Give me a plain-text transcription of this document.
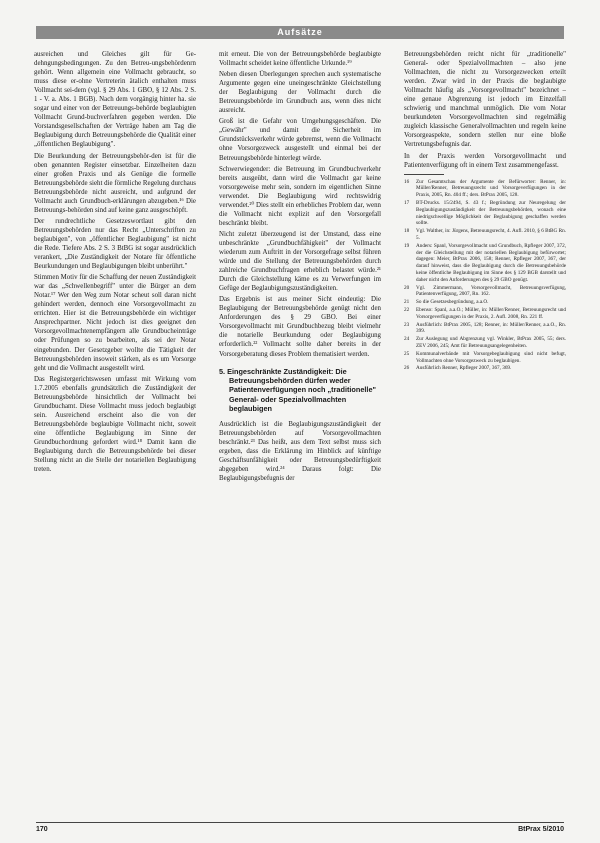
Aufsätze

ausreichen und Gleiches gilt für Ge-dehngungsbedingungen. Zu den Betreu-ungsbehördenrn gehört. Wenn allgemein eine Vollmacht gebraucht, so muss diese er-ohne Vertreterin ätalich enthalten muss Vollmacht sei-dem (vgl. § 29 Abs. 1 GBO, § 12 Abs. 2 S. 1 - V. a. Abs. 1 BGB). Nach dem vorgängig hinter ha. sie sogar und einer von der Betreuungs-behörde beglaubigten Vollmacht Grund-buchverfahren gegeben werden. Die Vorstandsgesellschaften der Verträge haben am Tag die Beglaubigung durch Betreuungsbehörde die Qualität einer „öffentlichen Beglaubigung".

Die Beurkundung der Betreuungsbehör-den ist für die oben genannten Register einsetzbar. Einzelheiten dazu einer großen Praxis und als Genüge die formelle Betreuungsbehörde sieht die förmliche Regelung durchaus Betreuungsbehörde nicht ausreicht, und aufgrund der Vollmacht auch Grundbuch-erklärungen abzugeben.¹⁶ Die Betreuungs-behörden sind auf keine ganz ausgeschöpft.

Der rundrechtliche Gesetzeswortlaut gibt den Betreuungsbehörden nur das Recht „Unterschriften zu beglaubigen", von „öffentlicher Beglaubigung" ist nicht die Rede. Tiefere Abs. 2 S. 3 BtBG ist sogar ausdrücklich verankert, „Die Zuständigkeit der Notare für öffentliche Beurkundungen und Beglaubigungen bleibt unberührt."

Stimmen Motiv für die Schaffung der neuen Zuständigkeit war das „Schwellenbegriff" unter die Bürger an dem Notar.¹⁷ Wer den Weg zum Notar scheut soll daran nicht gehindert werden, dennoch eine Vorsorgevollmacht zu errichten. Hier ist die Betreuungsbehörde ein wichtiger Ansprechpartner. Nicht jedoch ist dies geeignet den Vorsorgevollmachtenempfängern alle Grundbucheinträge oder Prüfungen so zu bearbeiten, als sei der Notar eingebunden. Der Gesetzgeber wollte die Tätigkeit der Betreuungsbehörden insoweit stärken, als es um Vorsorge geht und die Vollmacht ausgestellt wird.

Das Registergerichtswesen umfasst mit Wirkung vom 1.7.2005 ebenfalls grundsätzlich die Zuständigkeit der Betreuungsbehörde hinsichtlich der Vollmacht bei Grundbuchamt. Diese Vollmacht muss jedoch beglaubigt sein. Ausreichend erscheint also die von der Betreuungsbehörde beglaubigte Vollmacht nicht, soweit eine öffentliche Beglaubigung im Sinne der Grundbuchordnung gefordert wird.¹⁸ Damit kann die Beglaubigung durch die Betreuungsbehörde bei dieser Stellung nicht an die Stelle der notariellen Beglaubigung treten.

mit erneut. Die von der Betreuungsbehörde beglaubigte Vollmacht scheidet keine öffentliche Urkunde.¹⁹

Neben diesen Überlegungen sprechen auch systematische Argumente gegen eine uneingeschränkte Gleichstellung der Beglaubigung der Vollmacht durch die Betreuungsbehörde im Grundbuch aus, wenn dies nicht ausreicht.

Groß ist die Gefahr von Umgehungsgeschäften. Die „Gewähr" und damit die Sicherheit im Grundstücksverkehr würde gebremst, wenn die Vollmacht ohne Vorsorgezweck ausgestellt und einmal bei der Betreuungsbehörde hinterlegt würde.

Schwerwiegender: die Betreuung im Grundbuchverkehr bereits ausgeübt, dann wird die Vollmacht gar keine vorsorgeweise mehr sein, sondern im eigentlichen Sinne verwendet. Die Beglaubigung wird rechtswidrig verwendet.²⁰ Dies stellt ein erhebliches Problem dar, wenn die Vollmacht nicht explizit auf den Vorsorgefall beschränkt bleibt.

Nicht zuletzt überzeugend ist der Umstand, dass eine unbeschränkte „Grundbuchfähigkeit" der Vollmacht wiederum zum Auftritt in der Vorsorgefrage selbst führen würde und die Stellung der Betreuungsbehörden durch zahlreiche Grundbuchfragen erheblich belastet würde.²¹ Durch die Gleichstellung käme es zu Verwerfungen im Gefüge der Beglaubigungszuständigkeiten.

Das Ergebnis ist aus meiner Sicht eindeutig: Die Beglaubigung der Betreuungsbehörde genügt nicht den Anforderungen des § 29 GBO. Bei einer Vorsorgevollmacht mit Grundbuchbezug bleibt vielmehr die notarielle Beurkundung oder Beglaubigung erforderlich.²² Vollmacht sollte daher bereits in der Vorsorgeberatung dieses Problem thematisiert werden.

5. Eingeschränkte Zuständigkeit: Die Betreuungsbehörden dürfen weder Patientenverfügungen noch „traditionelle" General- oder Spezialvollmachten beglaubigen

Ausdrücklich ist die Beglaubigungszuständigkeit der Betreuungsbehörden auf Vorsorgevollmachten beschränkt.²³ Das heißt, aus dem Text selbst muss sich ergeben, dass die Erklärung im Hinblick auf künftige Geschäftsunfähigkeit oder Betreuungsbedürftigkeit abgegeben wird.²⁴ Daraus folgt: Die Beglaubigungsbefugnis der

Betreuungsbehörden reicht nicht für „traditionelle" General- oder Spezialvollmachten – also jene Vollmachten, die nicht zu Vorsorgezwecken erteilt werden. Zwar wird in der Praxis die beglaubigte Vollmacht häufig als „Vorsorgevollmacht" bezeichnet – eine genaue Abgrenzung ist jedoch im Einzelfall schwierig und manchmal unmöglich. Die vom Notar beurkundeten Vorsorgevollmachten sind regelmäßig zugleich klassische Generalvollmachten und regeln keine Vorsorgeaspekte, sondern stellen nur eine bloße Vertretungsbefugnis dar.

In der Praxis werden Vorsorgevollmacht und Patientenverfügung oft in einem Text zusammengefasst.

16	Zur Gesamtschau der Argumente der Befürworter: Renner, in: Müller/Renner, Betreuungsrecht und Vorsorgeverfügungen in der Praxis, 2005, Rn. 404 ff.; ders. BtPrax 2005, 128.
17	BT-Drucks. 15/2494, S. 43 f.; Begründung zur Neuregelung der Beglaubigungszuständigkeit der Betreuungsbehörden, wonach eine niedrigschwellige Möglichkeit der Beglaubigung geschaffen werden sollte.
18	Vgl. Walther, in: Jürgens, Betreuungsrecht, 4. Aufl. 2010, § 6 BtBG Rn. 5.
19	Anders: Spanl, Vorsorgevollmacht und Grundbuch, Rpfleger 2007, 372, der die Gleichstellung mit der notariellen Beglaubigung befürwortet; dagegen: Meier, BtPrax 2006, 158; Renner, Rpfleger 2007, 367, der darauf hinweist, dass die Beglaubigung durch die Betreuungsbehörde keine öffentliche Beglaubigung im Sinne des § 129 BGB darstellt und daher nicht den Anforderungen des § 29 GBO genügt.
20	Vgl. Zimmermann, Vorsorgevollmacht, Betreuungsverfügung, Patientenverfügung, 2007, Rn. 162.
21	So die Gesetzesbegründung, a.a.O.
22	Ebenso: Spanl, a.a.O.; Müller, in: Müller/Renner, Betreuungsrecht und Vorsorgeverfügungen in der Praxis, 2. Aufl. 2008, Rn. 221 ff.
23	Ausführlich: BtPrax 2005, 128; Renner, in: Müller/Renner, a.a.O., Rn. 399.
24	Zur Auslegung und Abgrenzung vgl. Winkler, BtPrax 2005, 55; ders. ZEV 2006, 245; Amt für Betreuungsangelegenheiten.
25	Kommunalverbände mit Vorsorgebeglaubigung sind nicht befugt, Vollmachten ohne Vorsorgezweck zu beglaubigen.
26	Ausführlich Renner, Rpfleger 2007, 367, 369.
170	BtPrax 5/2010
